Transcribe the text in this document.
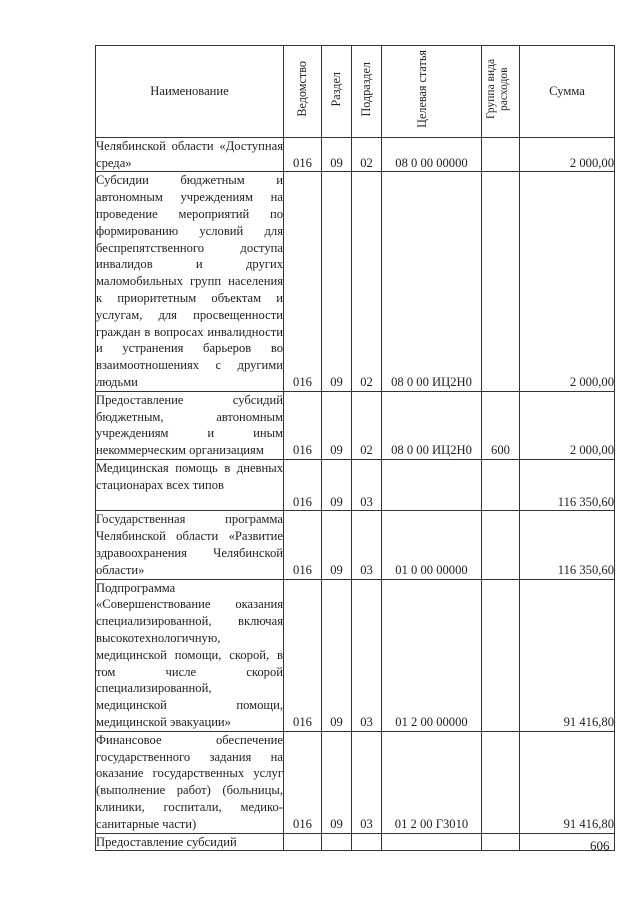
Наименование	Ведомство	Раздел	Подраздел	Целевая статья	Группа вида расходов	Сумма
Челябинской области «Доступная среда»	016	09	02	08 0 00 00000		2 000,00
Субсидии бюджетным и автономным учреждениям на проведение мероприятий по формированию условий для беспрепятственного доступа инвалидов и других маломобильных групп населения к приоритетным объектам и услугам, для просвещенности граждан в вопросах инвалидности и устранения барьеров во взаимоотношениях с другими людьми	016	09	02	08 0 00 ИЦ2Н0		2 000,00
Предоставление субсидий бюджетным, автономным учреждениям и иным некоммерческим организациям	016	09	02	08 0 00 ИЦ2Н0	600	2 000,00
Медицинская помощь в дневных стационарах всех типов	016	09	03			116 350,60
Государственная программа Челябинской области «Развитие здравоохранения Челябинской области»	016	09	03	01 0 00 00000		116 350,60
Подпрограмма «Совершенствование оказания специализированной, включая высокотехнологичную, медицинской помощи, скорой, в том числе скорой специализированной, медицинской помощи, медицинской эвакуации»	016	09	03	01 2 00 00000		91 416,80
Финансовое обеспечение государственного задания на оказание государственных услуг (выполнение работ) (больницы, клиники, госпитали, медико-санитарные части)	016	09	03	01 2 00 Г3010		91 416,80
Предоставление субсидий							606
